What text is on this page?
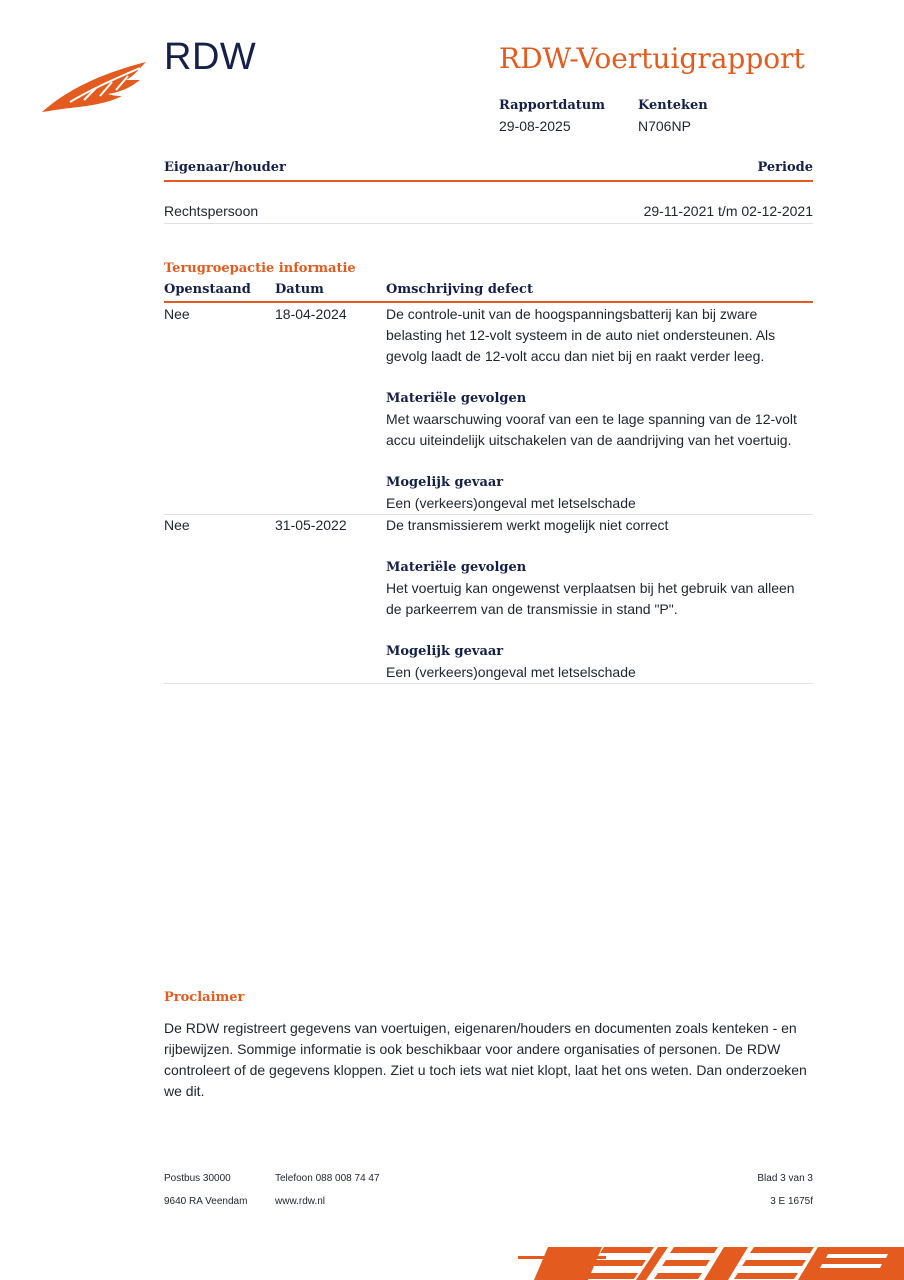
RDW	RDW-Voertuigrapport
Rapportdatum
29-08-2025
Kenteken
N706NP
Eigenaar/houder	Periode
Rechtspersoon	29-11-2021 t/m 02-12-2021
Terugroepactie informatie
Openstaand Datum	Omschrijving defect
Nee	18-04-2024	De controle-unit van de hoogspanningsbatterij kan bij zware

belasting het 12-volt systeem in de auto niet ondersteunen. Als

gevolg laadt de 12-volt accu dan niet bij en raakt verder leeg.

Materiële gevolgen

Met waarschuwing vooraf van een te lage spanning van de 12-volt

accu uiteindelijk uitschakelen van de aandrijving van het voertuig.

Mogelijk gevaar

Een (verkeers)ongeval met letselschade

Nee	31-05-2022	De transmissierem werkt mogelijk niet correct

Materiële gevolgen

Het voertuig kan ongewenst verplaatsen bij het gebruik van alleen

de parkeerrem van de transmissie in stand "P".

Mogelijk gevaar

Een (verkeers)ongeval met letselschade

Proclaimer
De RDW registreert gegevens van voertuigen, eigenaren/houders en documenten zoals kenteken - en
rijbewijzen. Sommige informatie is ook beschikbaar voor andere organisaties of personen. De RDW
controleert of de gegevens kloppen. Ziet u toch iets wat niet klopt, laat het ons weten. Dan onderzoeken
we dit.
Postbus 30000
9640 RA Veendam
Telefoon 088 008 74 47
www.rdw.nl
Blad 3 van 3
3 E 1675f
